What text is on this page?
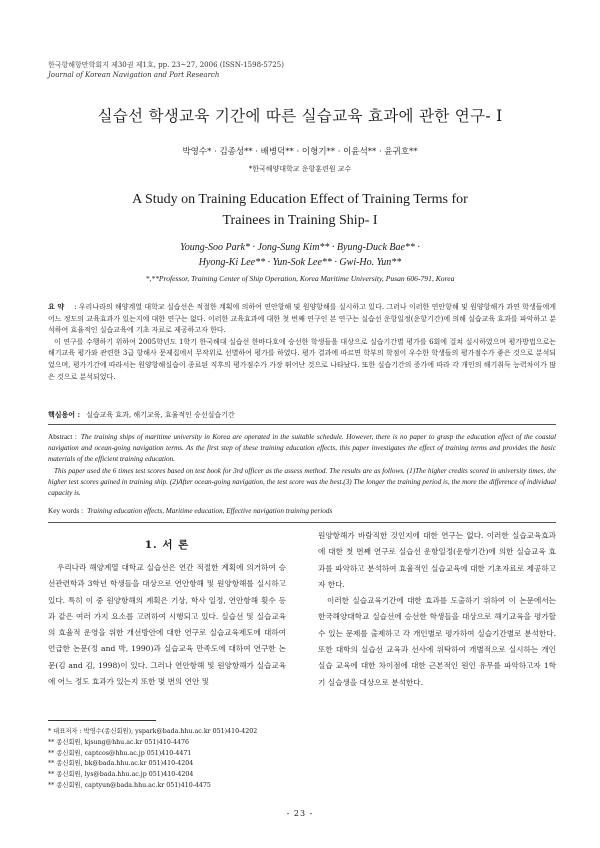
한국항해항만학회지 제30권 제1호, pp. 23~27, 2006 (ISSN-1598-5725)
Journal of Korean Navigation and Port Research
실습선 학생교육 기간에 따른 실습교육 효과에 관한 연구- I
박영수* · 김종성** · 배병덕** · 이형기** · 이윤석** · 윤귀호**
*한국해양대학교 운항훈련원 교수
A Study on Training Education Effect of Training Terms for
Trainees in Training Ship- I
Young-Soo Park* · Jong-Sung Kim** · Byung-Duck Bae** ·
Hyong-Ki Lee** · Yun-Sok Lee** · Gwi-Ho. Yun**
*,**Professor, Training Center of Ship Operation, Korea Maritime University, Pusan 606-791, Korea

요 약 : 우리나라의 해양계열 대학교 실습선은 적절한 계획에 의하여 연안항해 및 원양항해를 실시하고 있다. 그러나 이러한 연안항해 및 원양항해가 과연 학생들에게 어느 정도의 교육효과가 있는지에 대한 연구는 없다. 이러한 교육효과에 대한 첫 번째 연구인 본 연구는 실습선 운항일정(운항기간)에 의해 실습교육 효과를 파악하고 분석하여 효율적인 실습교육에 기초 자료로 제공하고자 한다.

이 연구를 수행하기 위하여 2005학년도 1학기 한국해대 실습선 한바다호에 승선한 학생들을 대상으로 실습기간별 평가를 6회에 걸쳐 실시하였으며 평가방법으로는 해기교육 평가와 관련한 3급 항해사 문제집에서 무작위로 선별하여 평가를 하였다. 평가 결과에 따르면 학부의 학점이 우수한 학생들의 평가점수가 좋은 것으로 분석되었으며, 평가기간에 따라서는 원양항해실습이 종료된 직후의 평가점수가 가장 뛰어난 것으로 나타났다. 또한 실습기간의 증가에 따라 각 개인의 해기취득 능력차이가 많은 것으로 분석되었다.

핵심용어 : 실습교육 효과, 해기교육, 효율적인 승선실습기간

Abstract : The training ships of maritime university in Korea are operated in the suitable schedule. However, there is no paper to grasp the education effect of the coastal navigation and ocean-going navigation terms. As the first step of these training education effects, this paper investigates the effect of training terms and provides the basic materials of the efficient training education.

This paper used the 6 times test scores based on test book for 3rd officer as the assess method. The results are as follows. (1)The higher credits scored in university times, the higher test scores gained in training ship. (2)After ocean-going navigation, the test score was the best.(3) The longer the training period is, the more the difference of individual capacity is.

Key words : Training education effects, Maritime education, Effective navigation training periods
1. 서 론

우리나라 해양계열 대학교 실습선은 연간 적절한 계획에 의거하여 승선관련학과 3학년 학생들을 대상으로 연안항해 및 원양항해를 실시하고 있다. 특히 이 중 원양항해의 계획은 기상, 학사 일정, 연안항해 횟수 등과 같은 여러 가지 요소를 고려하여 시행되고 있다. 실습선 및 실습교육의 효율적 운영을 위한 개선방안에 대한 연구로 실습교육제도에 대하여 언급한 논문(정 and 박, 1990)과 실습교육 만족도에 대하여 연구한 논문(김 and 김, 1998)이 있다. 그러나 연안항해 및 원양항해가 실습교육에 어느 정도 효과가 있는지 또한 몇 번의 연안 및

원양항해가 바람직한 것인지에 대한 연구는 없다. 이러한 실습교육효과에 대한 첫 번째 연구로 실습선 운항일정(운항기간)에 의한 실습교육 효과를 파악하고 분석하여 효율적인 실습교육에 대한 기초자료로 제공하고자 한다.

이러한 실습교육기간에 대한 효과를 도출하기 위하여 이 논문에서는 한국해양대학교 실습선에 승선한 학생들을 대상으로 해기교육을 평가할 수 있는 문제를 출제하고 각 개인별로 평가하여 실습기간별로 분석한다. 또한 대학의 실습선 교육과 선사에 위탁하여 개별적으로 실시하는 개인실습 교육에 대한 차이점에 대한 근본적인 원인 유무를 파악하고자 1학기 실습생을 대상으로 분석한다.

* 대표저자 : 박영수(종신회원), yspark@bada.hhu.ac.kr 051)410-4202
** 종신회원, kjsung@hhu.ac.kr 051)410-4476
** 종신회원, captcos@hhu.ac.jp 051)410-4471
** 종신회원, bk@bada.hhu.ac.kr 051)410-4204
** 종신회원, lys@bada.hhu.ac.jp 051)410-4204
** 종신회원, captyun@bada.hhu.ac.kr 051)410-4475
- 23 -
